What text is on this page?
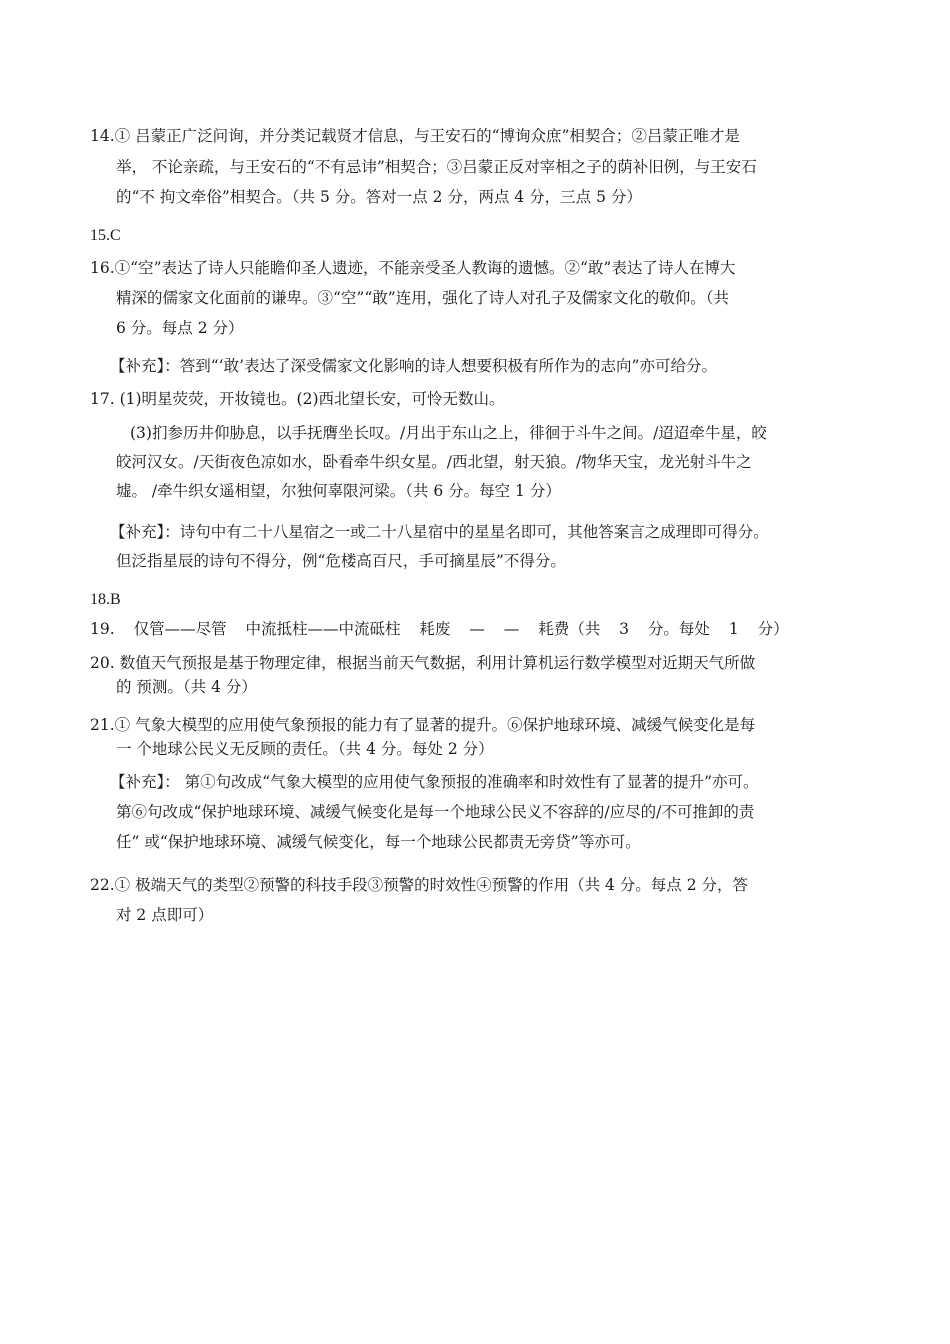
14.① 吕蒙正广泛问询，并分类记载贤才信息，与王安石的“博询众庶”相契合；②吕蒙正唯才是
举， 不论亲疏，与王安石的“不有忌讳”相契合；③吕蒙正反对宰相之子的荫补旧例，与王安石
的“不 拘文牵俗”相契合。（共 5 分。答对一点 2 分，两点 4 分，三点 5 分）
15.C
16.①“空”表达了诗人只能瞻仰圣人遗迹，不能亲受圣人教诲的遗憾。②“敢”表达了诗人在博大
精深的儒家文化面前的谦卑。③“空”“敢”连用，强化了诗人对孔子及儒家文化的敬仰。（共
6 分。每点 2 分）
【补充】：答到“‘敢’表达了深受儒家文化影响的诗人想要积极有所作为的志向”亦可给分。
17. (1)明星荧荧，开妆镜也。(2)西北望长安，可怜无数山。
(3)扪参历井仰胁息，以手抚膺坐长叹。/月出于东山之上，徘徊于斗牛之间。/迢迢牵牛星，皎
皎河汉女。/天街夜色凉如水，卧看牵牛织女星。/西北望，射天狼。/物华天宝，龙光射斗牛之
墟。 /牵牛织女遥相望，尔独何辜限河梁。（共 6 分。每空 1 分）
【补充】：诗句中有二十八星宿之一或二十八星宿中的星星名即可，其他答案言之成理即可得分。
但泛指星辰的诗句不得分，例“危楼高百尺，手可摘星辰”不得分。
18.B
19. 仅管——尽管 中流抵柱——中流砥柱 耗废 — — 耗费（共 3 分。每处 1 分）
20. 数值天气预报是基于物理定律，根据当前天气数据，利用计算机运行数学模型对近期天气所做
的 预测。（共 4 分）
21.① 气象大模型的应用使气象预报的能力有了显著的提升。⑥保护地球环境、减缓气候变化是每
一 个地球公民义无反顾的责任。（共 4 分。每处 2 分）
【补充】： 第①句改成“气象大模型的应用使气象预报的准确率和时效性有了显著的提升”亦可。
第⑥句改成“保护地球环境、减缓气候变化是每一个地球公民义不容辞的/应尽的/不可推卸的责
任” 或“保护地球环境、减缓气候变化，每一个地球公民都责无旁贷”等亦可。
22.① 极端天气的类型②预警的科技手段③预警的时效性④预警的作用（共 4 分。每点 2 分，答
对 2 点即可）
